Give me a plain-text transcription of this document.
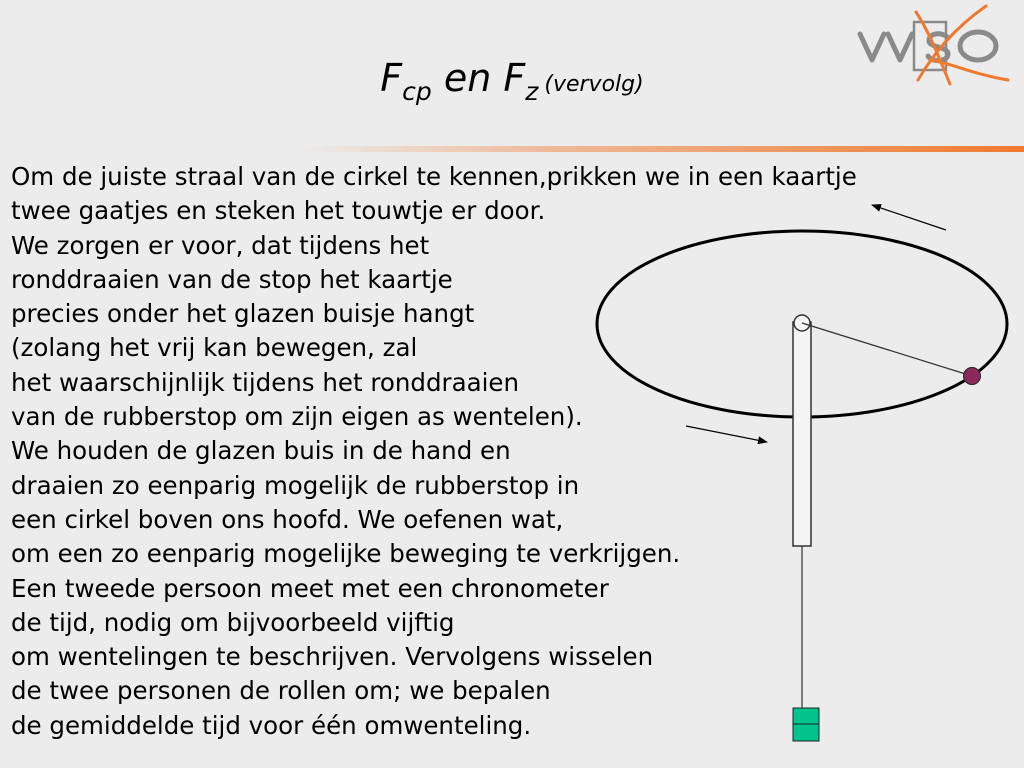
VVKSO
Fcp en Fz (vervolg)
Om de juiste straal van de cirkel te kennen,prikken we in een kaartje
twee gaatjes en steken het touwtje er door.
We zorgen er voor, dat tijdens het
ronddraaien van de stop het kaartje
precies onder het glazen buisje hangt
(zolang het vrij kan bewegen, zal
het waarschijnlijk tijdens het ronddraaien
van de rubberstop om zijn eigen as wentelen).
We houden de glazen buis in de hand en
draaien zo eenparig mogelijk de rubberstop in
een cirkel boven ons hoofd. We oefenen wat,
om een zo eenparig mogelijke beweging te verkrijgen.
Een tweede persoon meet met een chronometer
de tijd, nodig om bijvoorbeeld vijftig
om wentelingen te beschrijven. Vervolgens wisselen
de twee personen de rollen om; we bepalen
de gemiddelde tijd voor één omwenteling.
